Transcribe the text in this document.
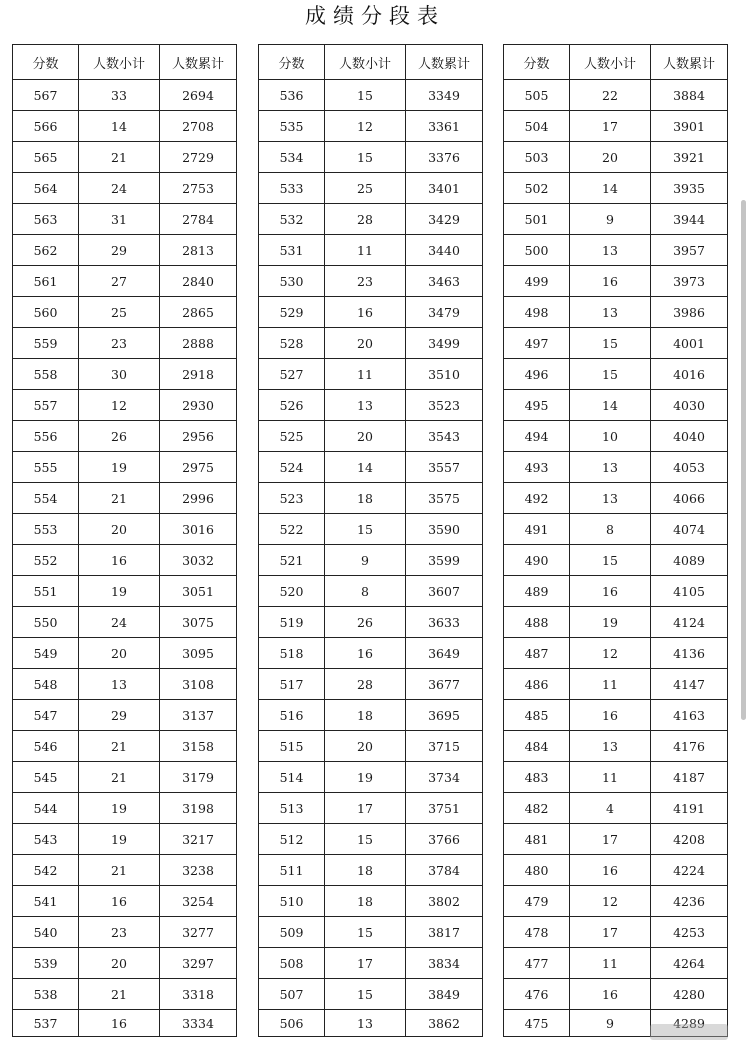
成绩分段表
分数	人数小计	人数累计
567	33	2694
566	14	2708
565	21	2729
564	24	2753
563	31	2784
562	29	2813
561	27	2840
560	25	2865
559	23	2888
558	30	2918
557	12	2930
556	26	2956
555	19	2975
554	21	2996
553	20	3016
552	16	3032
551	19	3051
550	24	3075
549	20	3095
548	13	3108
547	29	3137
546	21	3158
545	21	3179
544	19	3198
543	19	3217
542	21	3238
541	16	3254
540	23	3277
539	20	3297
538	21	3318
537	16	3334
分数	人数小计	人数累计
536	15	3349
535	12	3361
534	15	3376
533	25	3401
532	28	3429
531	11	3440
530	23	3463
529	16	3479
528	20	3499
527	11	3510
526	13	3523
525	20	3543
524	14	3557
523	18	3575
522	15	3590
521	9	3599
520	8	3607
519	26	3633
518	16	3649
517	28	3677
516	18	3695
515	20	3715
514	19	3734
513	17	3751
512	15	3766
511	18	3784
510	18	3802
509	15	3817
508	17	3834
507	15	3849
506	13	3862
分数	人数小计	人数累计
505	22	3884
504	17	3901
503	20	3921
502	14	3935
501	9	3944
500	13	3957
499	16	3973
498	13	3986
497	15	4001
496	15	4016
495	14	4030
494	10	4040
493	13	4053
492	13	4066
491	8	4074
490	15	4089
489	16	4105
488	19	4124
487	12	4136
486	11	4147
485	16	4163
484	13	4176
483	11	4187
482	4	4191
481	17	4208
480	16	4224
479	12	4236
478	17	4253
477	11	4264
476	16	4280
475	9	4289
